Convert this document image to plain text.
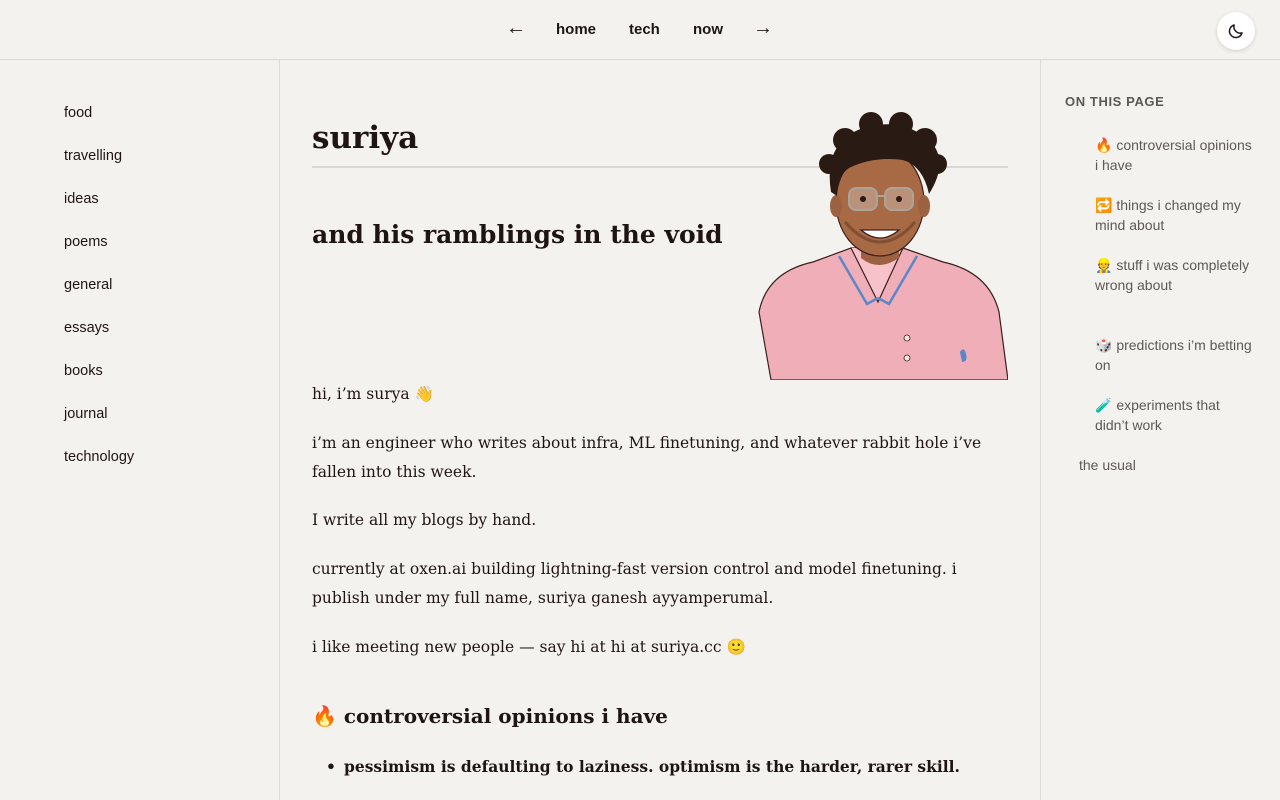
← home tech now →
food
travelling
ideas
poems
general
essays
books
journal
technology
suriya
and his ramblings in the void

hi, i’m surya 👋

i’m an engineer who writes about infra, ML finetuning, and whatever rabbit hole i’ve fallen into this week.

I write all my blogs by hand.

currently at oxen.ai building lightning-fast version control and model finetuning. i publish under my full name, suriya ganesh ayyamperumal.

i like meeting new people — say hi at hi at suriya.cc 🙂

🔥 controversial opinions i have
• pessimism is defaulting to laziness. optimism is the harder, rarer skill.
ON THIS PAGE
🔥 controversial opinions i have
🔁 things i changed my mind about
👷 stuff i was completely wrong about
🎲 predictions i’m betting on
🧪 experiments that didn’t work
the usual
